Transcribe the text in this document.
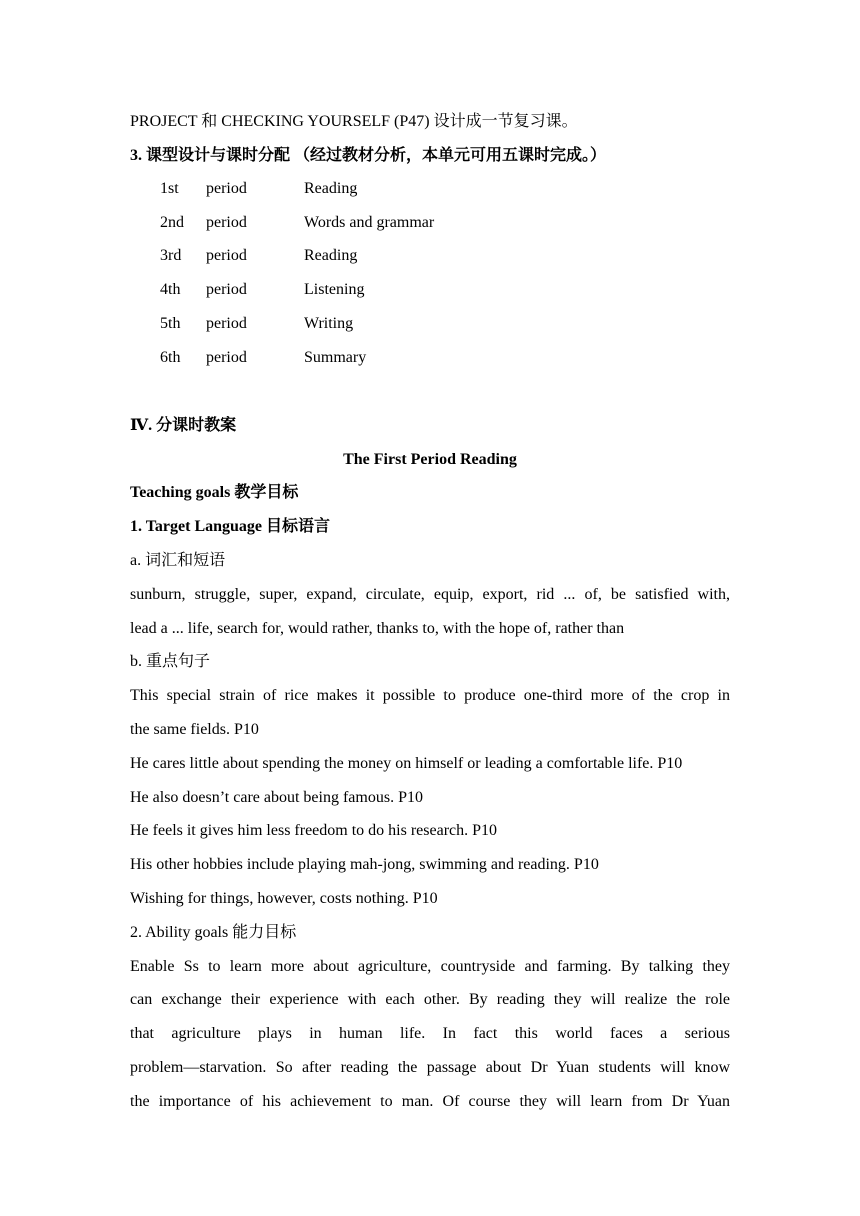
PROJECT 和 CHECKING YOURSELF (P47) 设计成一节复习课。
3. 课型设计与课时分配 （经过教材分析，本单元可用五课时完成。）
1st period	Reading
2nd period	Words and grammar
3rd period	Reading
4th period	Listening
5th period	Writing
6th period	Summary
Ⅳ. 分课时教案
The First Period Reading
Teaching goals 教学目标
1. Target Language 目标语言
a. 词汇和短语
sunburn, struggle, super, expand, circulate, equip, export, rid ... of, be satisfied with,
lead a ... life, search for, would rather, thanks to, with the hope of, rather than
b. 重点句子
This special strain of rice makes it possible to produce one-third more of the crop in
the same fields. P10
He cares little about spending the money on himself or leading a comfortable life. P10
He also doesn’t care about being famous. P10
He feels it gives him less freedom to do his research. P10
His other hobbies include playing mah-jong, swimming and reading. P10
Wishing for things, however, costs nothing. P10
2. Ability goals 能力目标
Enable Ss to learn more about agriculture, countryside and farming. By talking they
can exchange their experience with each other. By reading they will realize the role
that agriculture plays in human life. In fact this world faces a serious
problem—starvation. So after reading the passage about Dr Yuan students will know
the importance of his achievement to man. Of course they will learn from Dr Yuan
